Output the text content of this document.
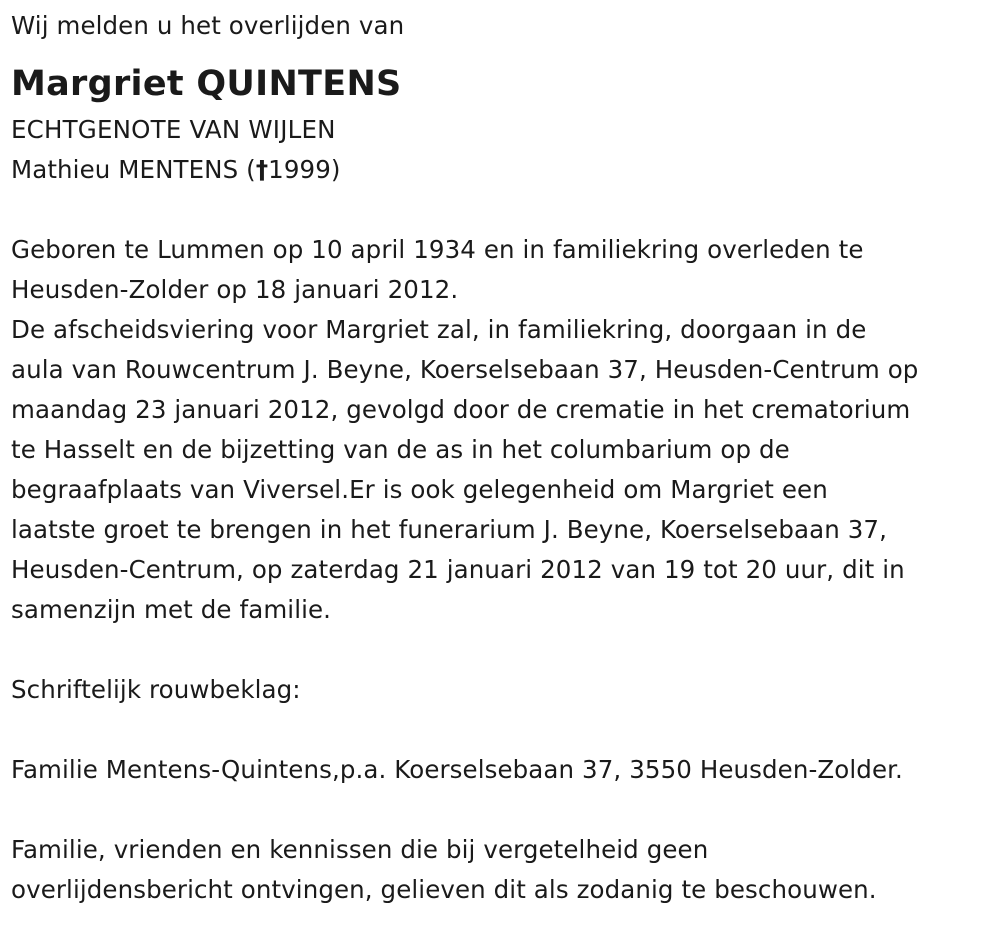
Wij melden u het overlijden van
Margriet QUINTENS
ECHTGENOTE VAN WIJLEN
Mathieu MENTENS (†1999)
Geboren te Lummen op 10 april 1934 en in familiekring overleden te
Heusden-Zolder op 18 januari 2012.
De afscheidsviering voor Margriet zal, in familiekring, doorgaan in de
aula van Rouwcentrum J. Beyne, Koerselsebaan 37, Heusden-Centrum op
maandag 23 januari 2012, gevolgd door de crematie in het crematorium
te Hasselt en de bijzetting van de as in het columbarium op de
begraafplaats van Viversel.Er is ook gelegenheid om Margriet een
laatste groet te brengen in het funerarium J. Beyne, Koerselsebaan 37,
Heusden-Centrum, op zaterdag 21 januari 2012 van 19 tot 20 uur, dit in
samenzijn met de familie.
Schriftelijk rouwbeklag:
Familie Mentens-Quintens,p.a. Koerselsebaan 37, 3550 Heusden-Zolder.
Familie, vrienden en kennissen die bij vergetelheid geen
overlijdensbericht ontvingen, gelieven dit als zodanig te beschouwen.
